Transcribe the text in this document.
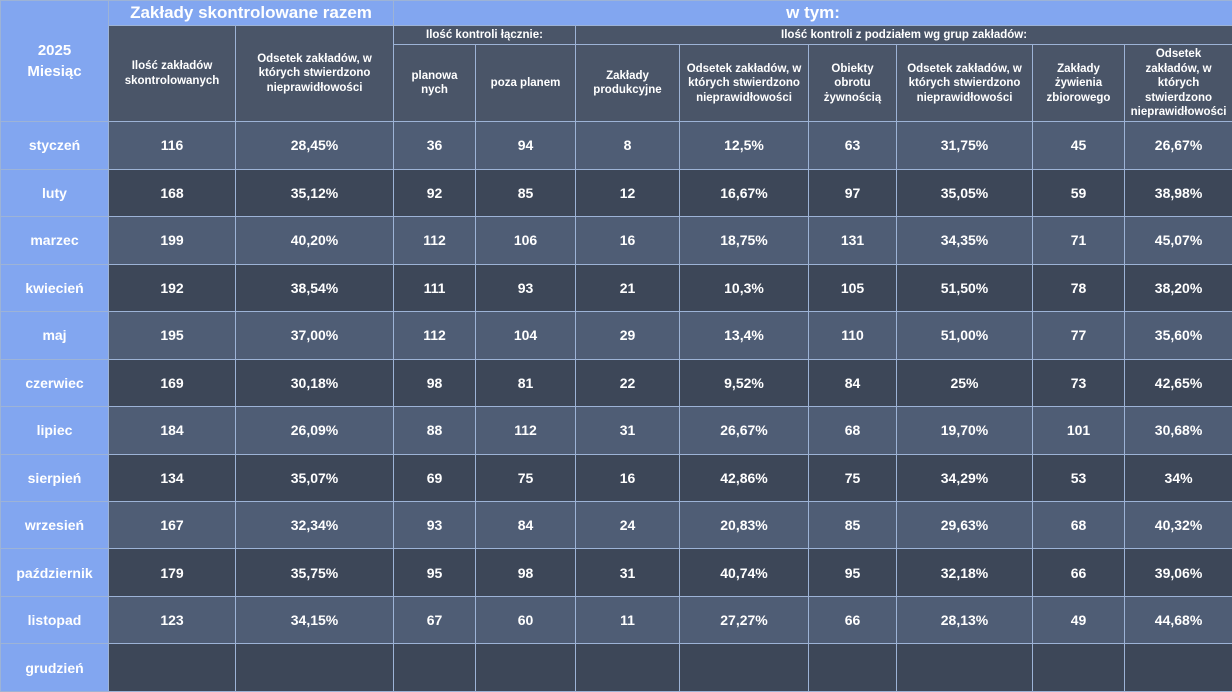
2025
Miesiąc	Zakłady skontrolowane razem		w tym:							
	Ilość zakładów skontrolowanych	Odsetek zakładów, w których stwierdzono nieprawidłowości	Ilość kontroli łącznie:		Ilość kontroli z podziałem wg grup zakładów:					
			planowa nych	poza planem	Zakłady produkcyjne	Odsetek zakładów, w których stwierdzono nieprawidłowości	Obiekty obrotu żywnością	Odsetek zakładów, w których stwierdzono nieprawidłowości	Zakłady żywienia zbiorowego	Odsetek zakładów, w których stwierdzono nieprawidłowości
styczeń	116	28,45%	36	94	8	12,5%	63	31,75%	45	26,67%
luty	168	35,12%	92	85	12	16,67%	97	35,05%	59	38,98%
marzec	199	40,20%	112	106	16	18,75%	131	34,35%	71	45,07%
kwiecień	192	38,54%	111	93	21	10,3%	105	51,50%	78	38,20%
maj	195	37,00%	112	104	29	13,4%	110	51,00%	77	35,60%
czerwiec	169	30,18%	98	81	22	9,52%	84	25%	73	42,65%
lipiec	184	26,09%	88	112	31	26,67%	68	19,70%	101	30,68%
sierpień	134	35,07%	69	75	16	42,86%	75	34,29%	53	34%
wrzesień	167	32,34%	93	84	24	20,83%	85	29,63%	68	40,32%
październik	179	35,75%	95	98	31	40,74%	95	32,18%	66	39,06%
listopad	123	34,15%	67	60	11	27,27%	66	28,13%	49	44,68%
grudzień										
